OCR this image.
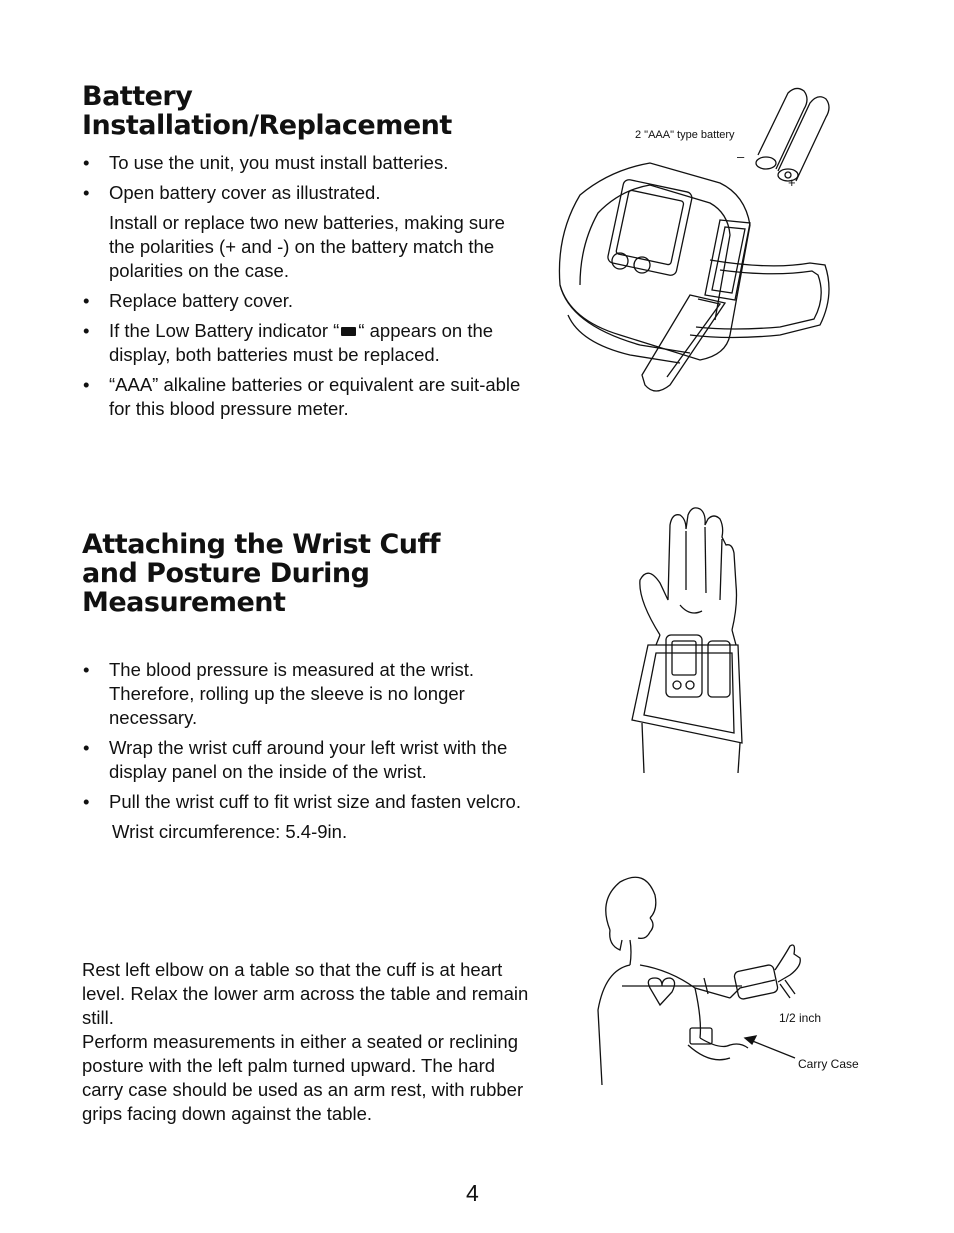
Battery
Installation/Replacement
• To use the unit, you must install batteries.
• Open battery cover as illustrated.
Install or replace two new batteries, making sure the polarities (+ and -) on the battery match the polarities on the case.
• Replace battery cover.
• If the Low Battery indicator “ “ appears on the display, both batteries must be replaced.
• “AAA” alkaline batteries or equivalent are suit-able for this blood pressure meter.
2 "AAA" type battery
–
+
Attaching the Wrist Cuff
and Posture During
Measurement
• The blood pressure is measured at the wrist. Therefore, rolling up the sleeve is no longer necessary.
• Wrap the wrist cuff around your left wrist with the display panel on the inside of the wrist.
• Pull the wrist cuff to fit wrist size and fasten velcro.
Wrist circumference: 5.4-9in.

Rest left elbow on a table so that the cuff is at heart level. Relax the lower arm across the table and remain still.

Perform measurements in either a seated or reclining posture with the left palm turned upward. The hard carry case should be used as an arm rest, with rubber grips facing down against the table.

1/2 inch
Carry Case
4
